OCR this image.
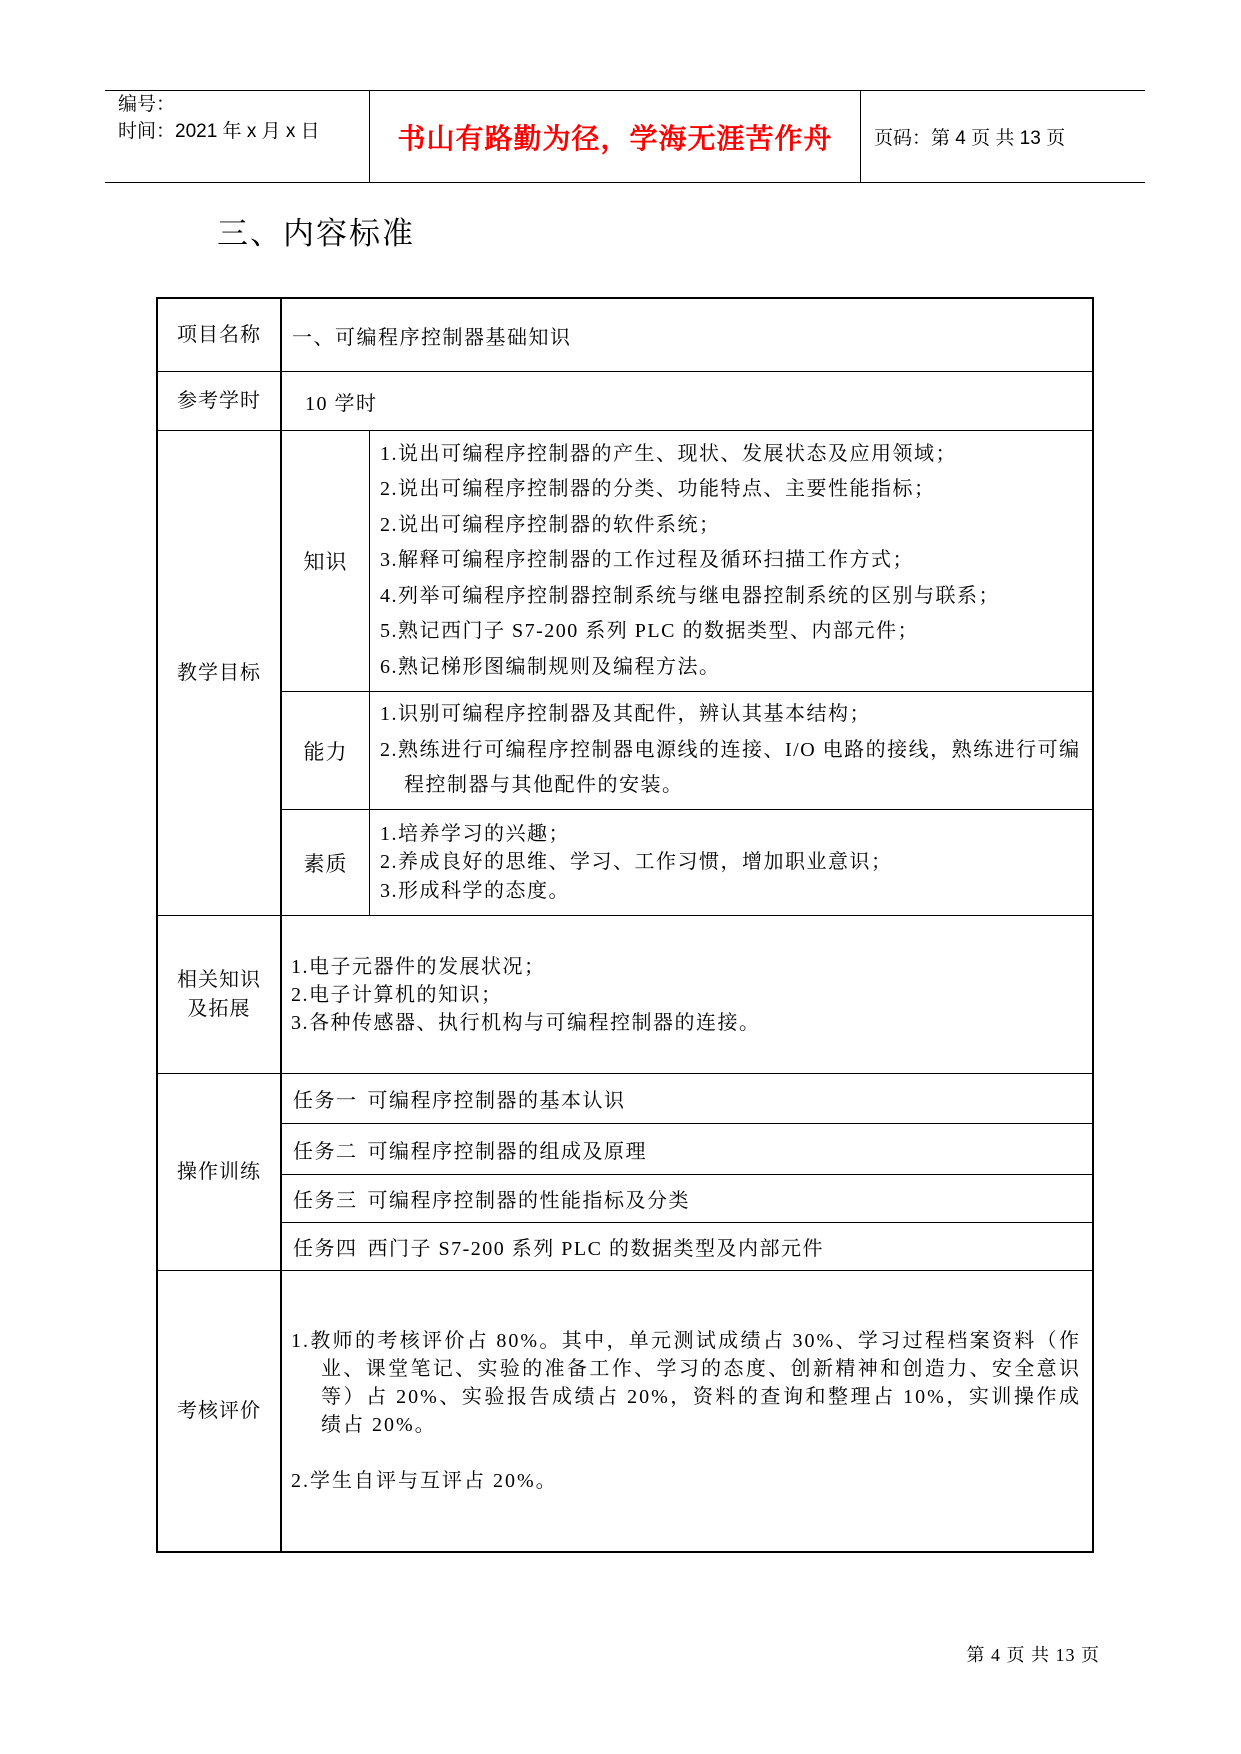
编号：
时间：2021 年 x 月 x 日	书山有路勤为径，学海无涯苦作舟 页码：第 4 页 共 13 页
三、内容标准
项目名称 一、可编程序控制器基础知识
参考学时 10 学时
教学目标
知识
1.说出可编程序控制器的产生、现状、发展状态及应用领域；
2.说出可编程序控制器的分类、功能特点、主要性能指标；
2.说出可编程序控制器的软件系统；
3.解释可编程序控制器的工作过程及循环扫描工作方式；
4.列举可编程序控制器控制系统与继电器控制系统的区别与联系；
5.熟记西门子 S7-200 系列 PLC 的数据类型、内部元件；
6.熟记梯形图编制规则及编程方法。
能力
1.识别可编程序控制器及其配件，辨认其基本结构；
2.熟练进行可编程序控制器电源线的连接、I/O 电路的接线，熟练进行可编程控制器与其他配件的安装。
素质
1.培养学习的兴趣；
2.养成良好的思维、学习、工作习惯，增加职业意识；
3.形成科学的态度。
相关知识
及拓展
1.电子元器件的发展状况；
2.电子计算机的知识；
3.各种传感器、执行机构与可编程控制器的连接。
操作训练
任务一 可编程序控制器的基本认识
任务二 可编程序控制器的组成及原理
任务三 可编程序控制器的性能指标及分类
任务四 西门子 S7-200 系列 PLC 的数据类型及内部元件
考核评价
1.教师的考核评价占 80%。其中，单元测试成绩占 30%、学习过程档案资料（作业、课堂笔记、实验的准备工作、学习的态度、创新精神和创造力、安全意识等）占 20%、实验报告成绩占 20%，资料的查询和整理占 10%，实训操作成绩占 20%。
2.学生自评与互评占 20%。
第 4 页 共 13 页
